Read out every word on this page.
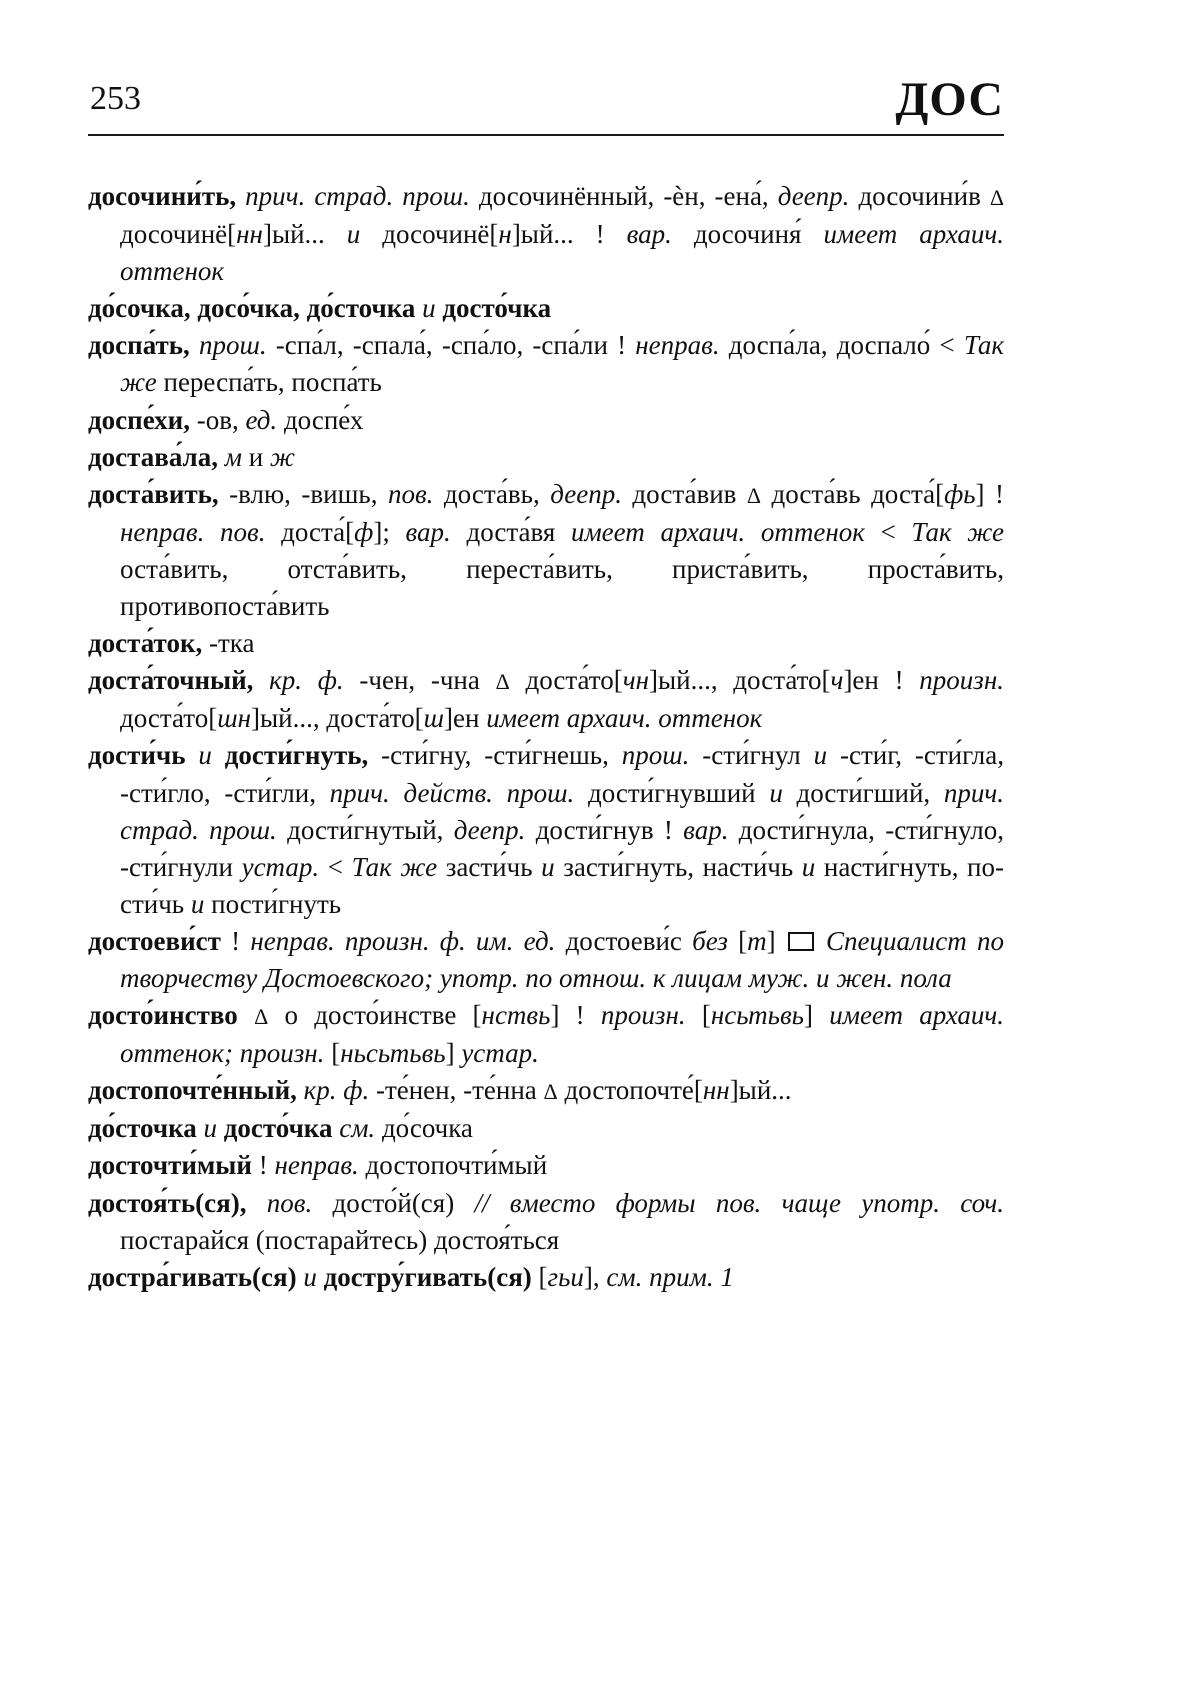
253	ДОС
досочини́ть, прич. страд. прош. досочинённый, -ѐн, -ена́, деепр. досочини́в Δ досочинё[нн]ый... и досочинё[н]ый... ! вар. досочиня́ имеет архаич. оттенок
до́сочка, досо́чка, до́сточка и досто́чка
доспа́ть, прош. -спа́л, -спала́, -спа́ло, -спа́ли ! неправ. доспа́ла, доспало́ < Так же переспа́ть, поспа́ть
доспе́хи, -ов, ед. доспе́х
достава́ла, м и ж
доста́вить, -влю, -вишь, пов. доста́вь, деепр. доста́вив Δ доста́вь доста́[фь] ! неправ. пов. доста́[ф]; вар. доста́вя имеет архаич. оттенок < Так же оста́вить, отста́вить, переста́вить, приста́вить, проста́вить, противопоста́вить
доста́ток, -тка
доста́точный, кр. ф. -чен, -чна Δ доста́то[чн]ый..., доста́то[ч]ен ! произн. доста́то[шн]ый..., доста́то[ш]ен имеет архаич. оттенок
дости́чь и дости́гнуть, -сти́гну, -сти́гнешь, прош. -сти́гнул и -сти́г, -сти́гла, -сти́гло, -сти́гли, прич. действ. прош. дости́гнувший и дости́гший, прич. страд. прош. дости́гнутый, деепр. дости́гнув ! вар. дости́гнула, -сти́гнуло, -сти́гнули устар. < Так же засти́чь и засти́гнуть, насти́чь и насти́гнуть, пости́чь и пости́гнуть
достоеви́ст ! неправ. произн. ф. им. ед. достоеви́с без [т]  Специалист по творчеству Достоевского; употр. по отнош. к лицам муж. и жен. пола
досто́инство Δ о досто́инстве [нствь] ! произн. [нсьтьвь] имеет архаич. оттенок; произн. [ньсьтьвь] устар.
достопочте́нный, кр. ф. -те́нен, -те́нна Δ достопочте́[нн]ый...
до́сточка и досто́чка см. до́сочка
досточти́мый ! неправ. достопочти́мый
достоя́ть(ся), пов. досто́й(ся) // вместо формы пов. чаще употр. соч. постарайся (постарайтесь) достоя́ться
достра́гивать(ся) и достру́гивать(ся) [гьи], см. прим. 1
